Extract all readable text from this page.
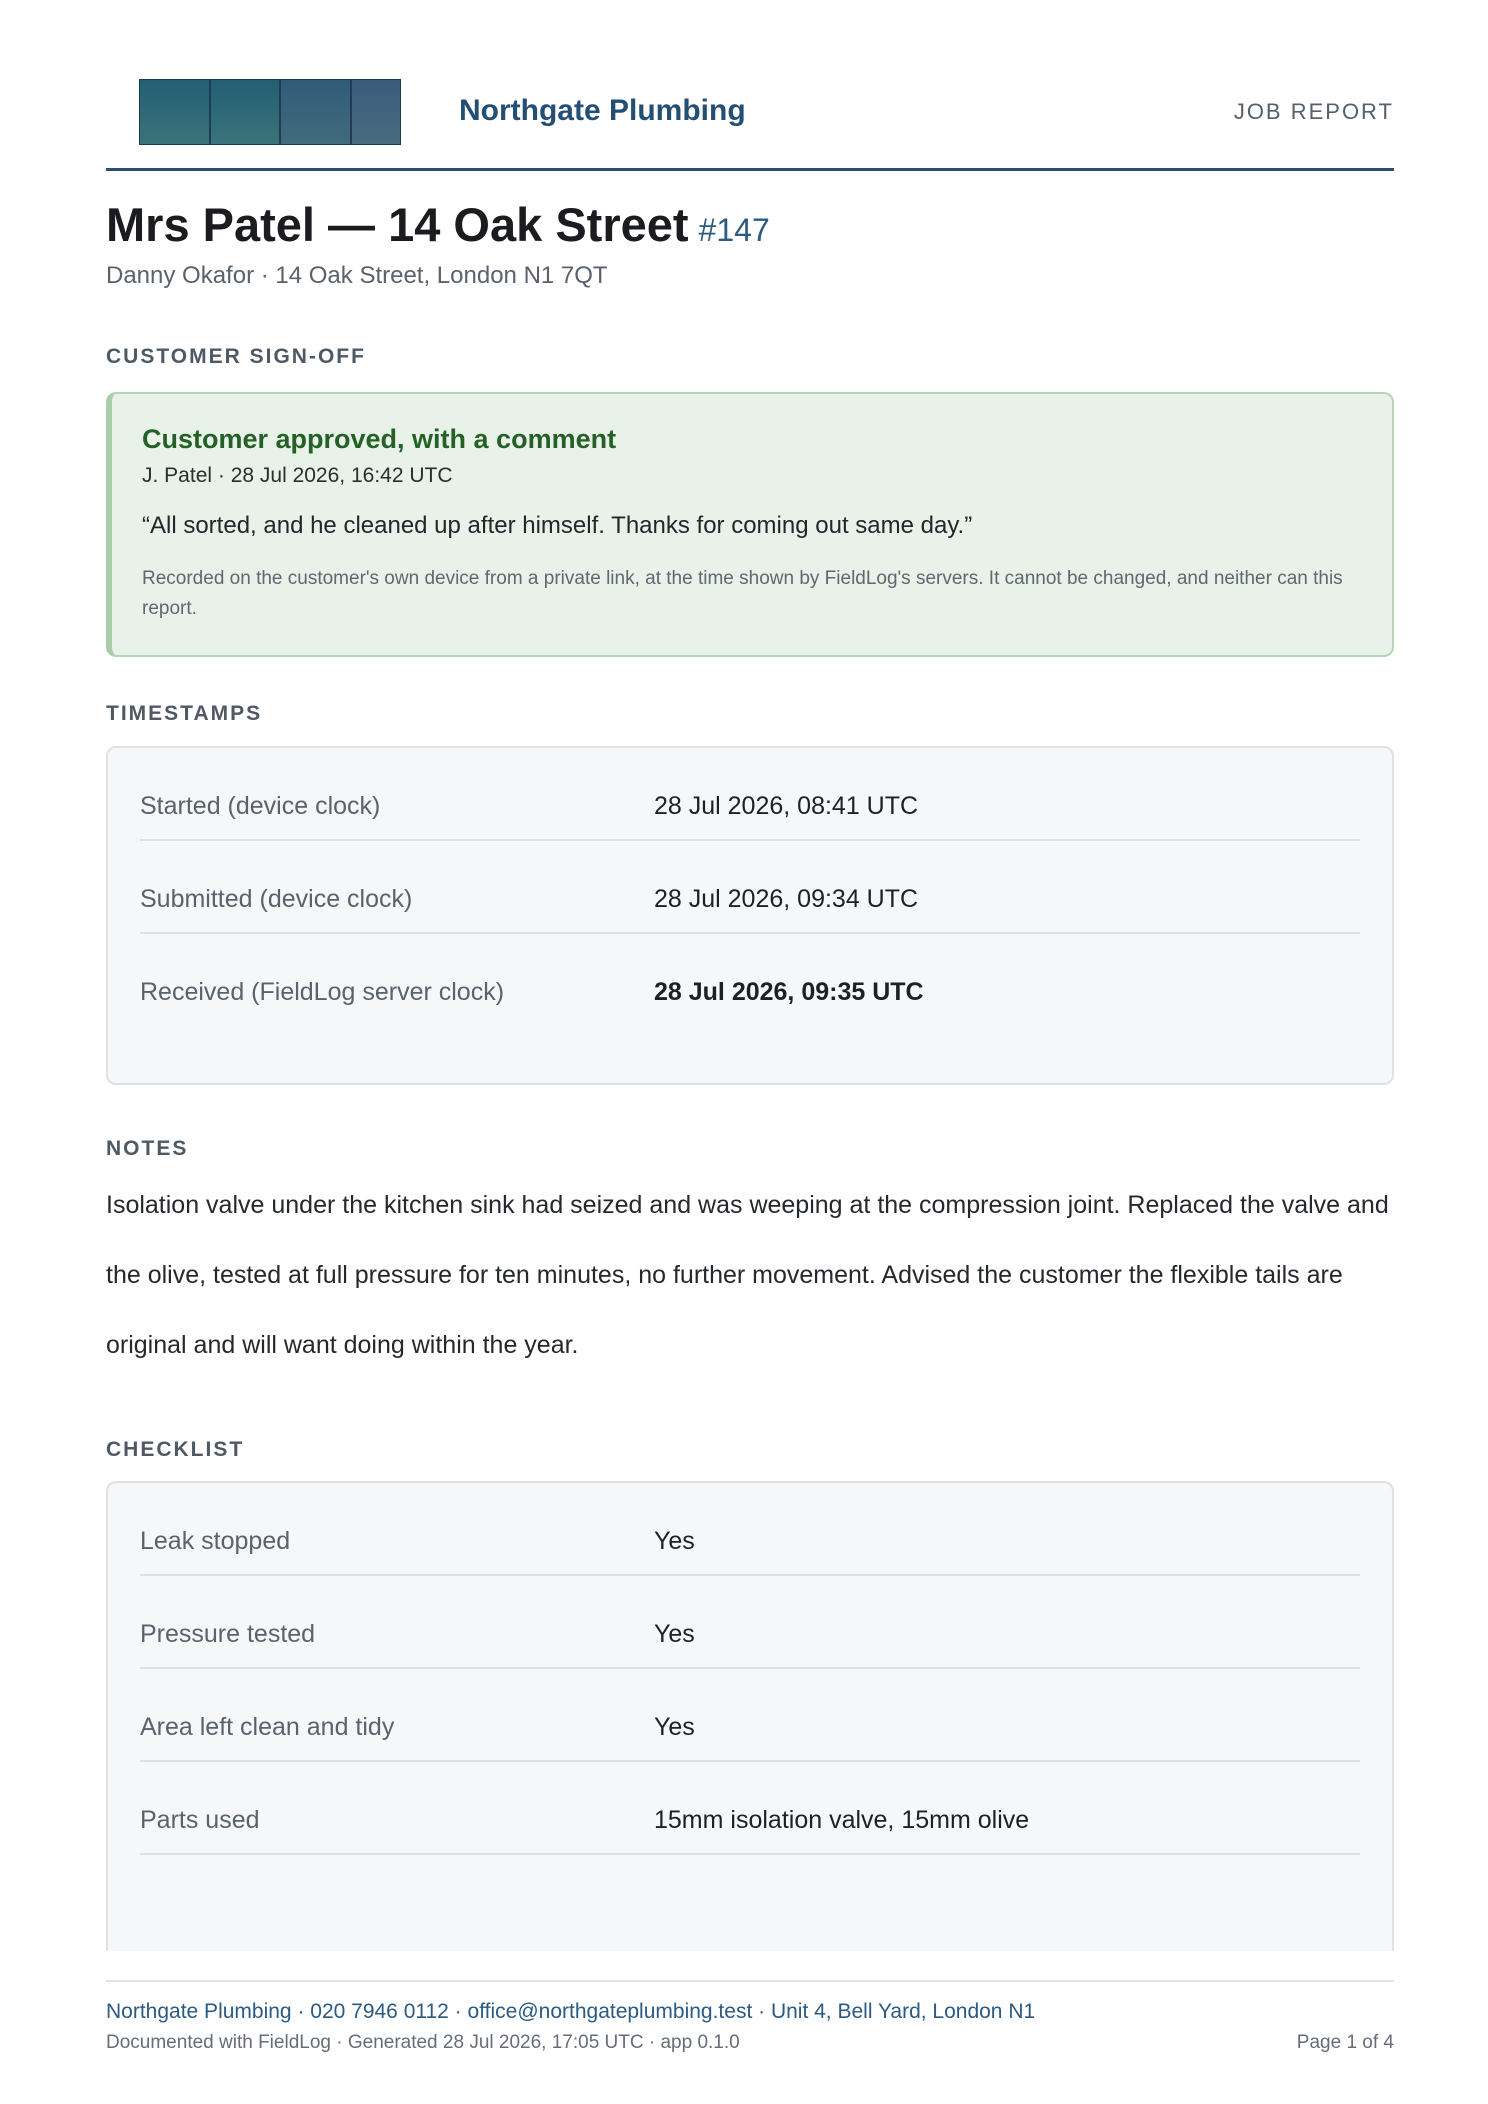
Northgate Plumbing	JOB REPORT
Mrs Patel — 14 Oak Street #147
Danny Okafor · 14 Oak Street, London N1 7QT
CUSTOMER SIGN-OFF
Customer approved, with a comment
J. Patel · 28 Jul 2026, 16:42 UTC
“All sorted, and he cleaned up after himself. Thanks for coming out same day.”
Recorded on the customer's own device from a private link, at the time shown by FieldLog's servers. It cannot be changed, and neither can this report.
TIMESTAMPS
Started (device clock)	28 Jul 2026, 08:41 UTC
Submitted (device clock)	28 Jul 2026, 09:34 UTC
Received (FieldLog server clock)	28 Jul 2026, 09:35 UTC
NOTES
Isolation valve under the kitchen sink had seized and was weeping at the compression joint. Replaced the valve and the olive, tested at full pressure for ten minutes, no further movement. Advised the customer the flexible tails are original and will want doing within the year.
CHECKLIST
Leak stopped	Yes
Pressure tested	Yes
Area left clean and tidy	Yes
Parts used	15mm isolation valve, 15mm olive
Northgate Plumbing · 020 7946 0112 · office@northgateplumbing.test · Unit 4, Bell Yard, London N1
Documented with FieldLog · Generated 28 Jul 2026, 17:05 UTC · app 0.1.0	Page 1 of 4
